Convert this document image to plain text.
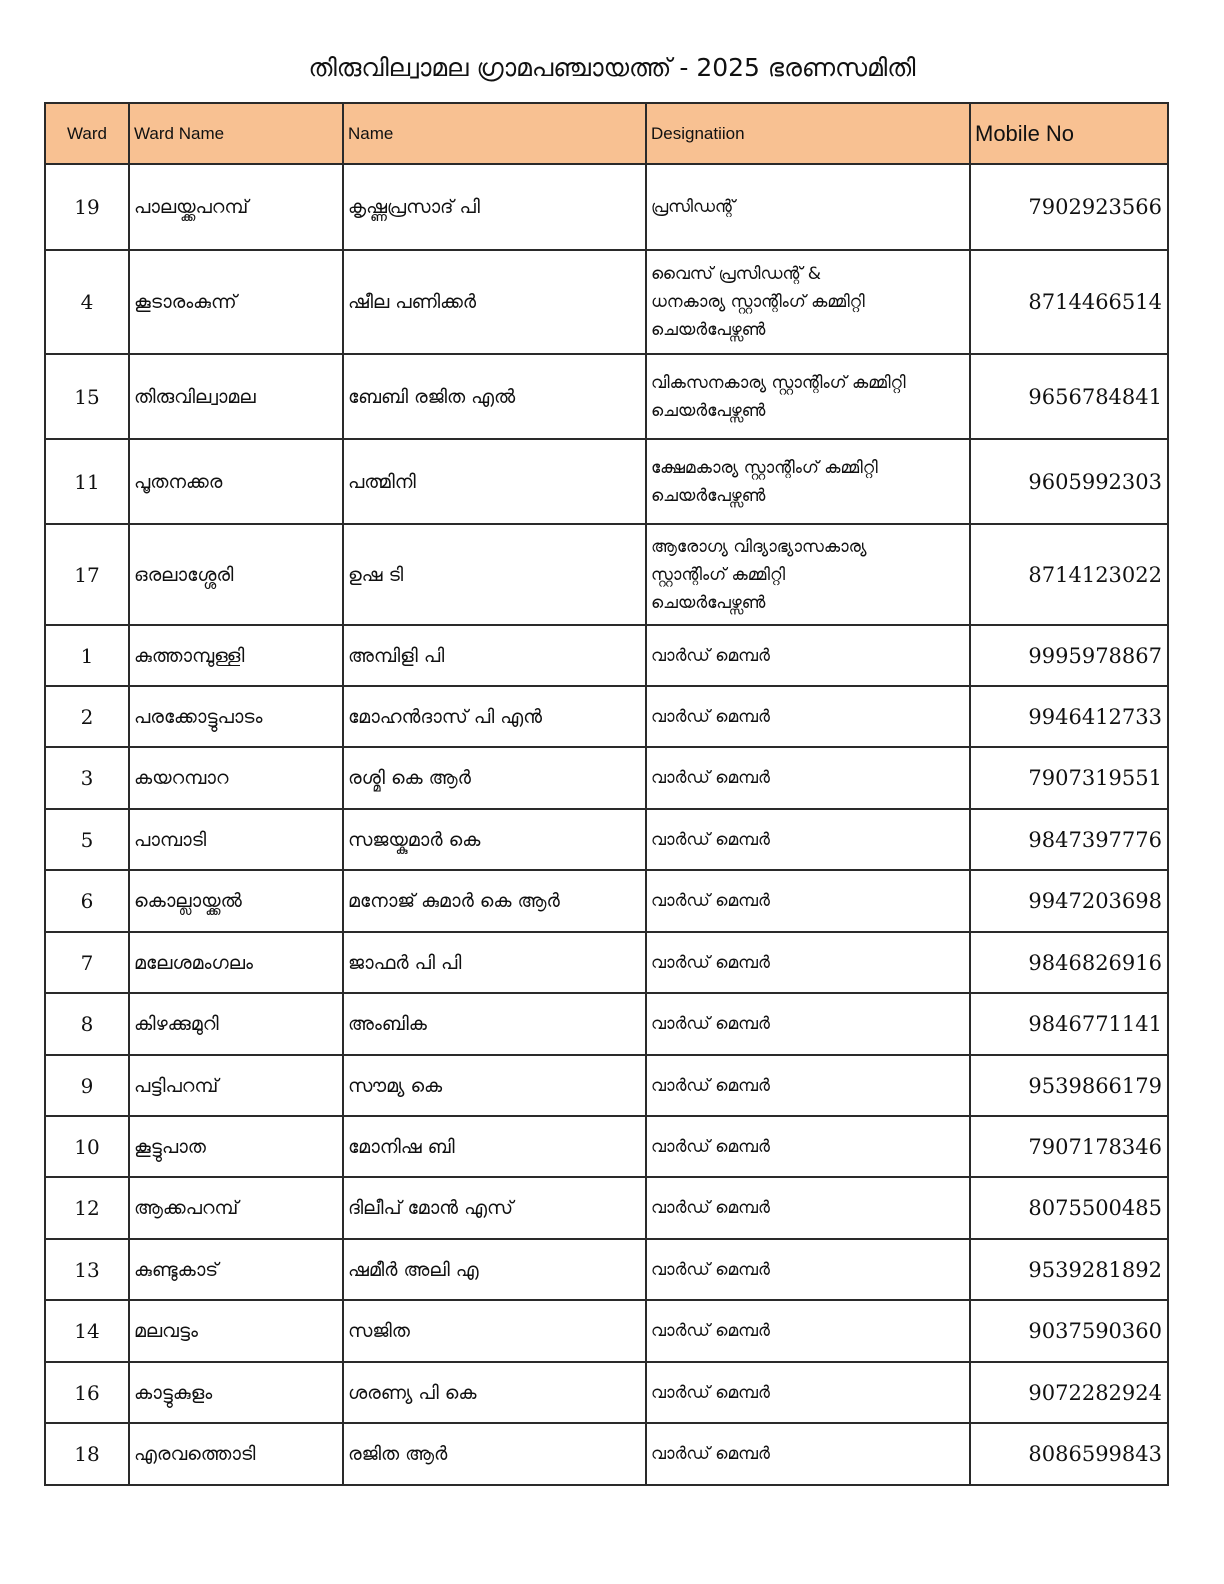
തിരുവില്വാമല ഗ്രാമപഞ്ചായത്ത് - 2025 ഭരണസമിതി
Ward	Ward Name	Name	Designatiion	Mobile No
19	പാലയ്ക്കപറമ്പ്	കൃഷ്ണപ്രസാദ് പി	പ്രസിഡന്റ്	7902923566
4	കൂടാരംകുന്ന്	ഷീല പണിക്കർ	വൈസ് പ്രസിഡന്റ് &
ധനകാര്യ സ്റ്റാന്റിംഗ് കമ്മിറ്റി
ചെയർപേഴ്സൺ	8714466514
15	തിരുവില്വാമല	ബേബി രജിത എൽ	വികസനകാര്യ സ്റ്റാന്റിംഗ് കമ്മിറ്റി
ചെയർപേഴ്സൺ	9656784841
11	പൂതനക്കര	പത്മിനി	ക്ഷേമകാര്യ സ്റ്റാന്റിംഗ് കമ്മിറ്റി
ചെയർപേഴ്സൺ	9605992303
17	ഒരലാശ്ശേരി	ഉഷ ടി	ആരോഗ്യ വിദ്യാഭ്യാസകാര്യ
സ്റ്റാന്റിംഗ് കമ്മിറ്റി
ചെയർപേഴ്സൺ	8714123022
1	കുത്താമ്പുള്ളി	അമ്പിളി പി	വാർഡ് മെമ്പർ	9995978867
2	പരക്കോട്ടുപാടം	മോഹൻദാസ് പി എൻ	വാർഡ് മെമ്പർ	9946412733
3	കയറമ്പാറ	രശ്മി കെ ആർ	വാർഡ് മെമ്പർ	7907319551
5	പാമ്പാടി	സജയ്കുമാർ കെ	വാർഡ് മെമ്പർ	9847397776
6	കൊല്ലായ്ക്കൽ	മനോജ് കുമാർ കെ ആർ	വാർഡ് മെമ്പർ	9947203698
7	മലേശമംഗലം	ജാഫർ പി പി	വാർഡ് മെമ്പർ	9846826916
8	കിഴക്കുമുറി	അംബിക	വാർഡ് മെമ്പർ	9846771141
9	പട്ടിപറമ്പ്	സൗമ്യ കെ	വാർഡ് മെമ്പർ	9539866179
10	കൂട്ടുപാത	മോനിഷ ബി	വാർഡ് മെമ്പർ	7907178346
12	ആക്കപറമ്പ്	ദിലീപ് മോൻ എസ്	വാർഡ് മെമ്പർ	8075500485
13	കുണ്ടുകാട്	ഷമീർ അലി എ	വാർഡ് മെമ്പർ	9539281892
14	മലവട്ടം	സജിത	വാർഡ് മെമ്പർ	9037590360
16	കാട്ടുകുളം	ശരണ്യ പി കെ	വാർഡ് മെമ്പർ	9072282924
18	എരവത്തൊടി	രജിത ആർ	വാർഡ് മെമ്പർ	8086599843
